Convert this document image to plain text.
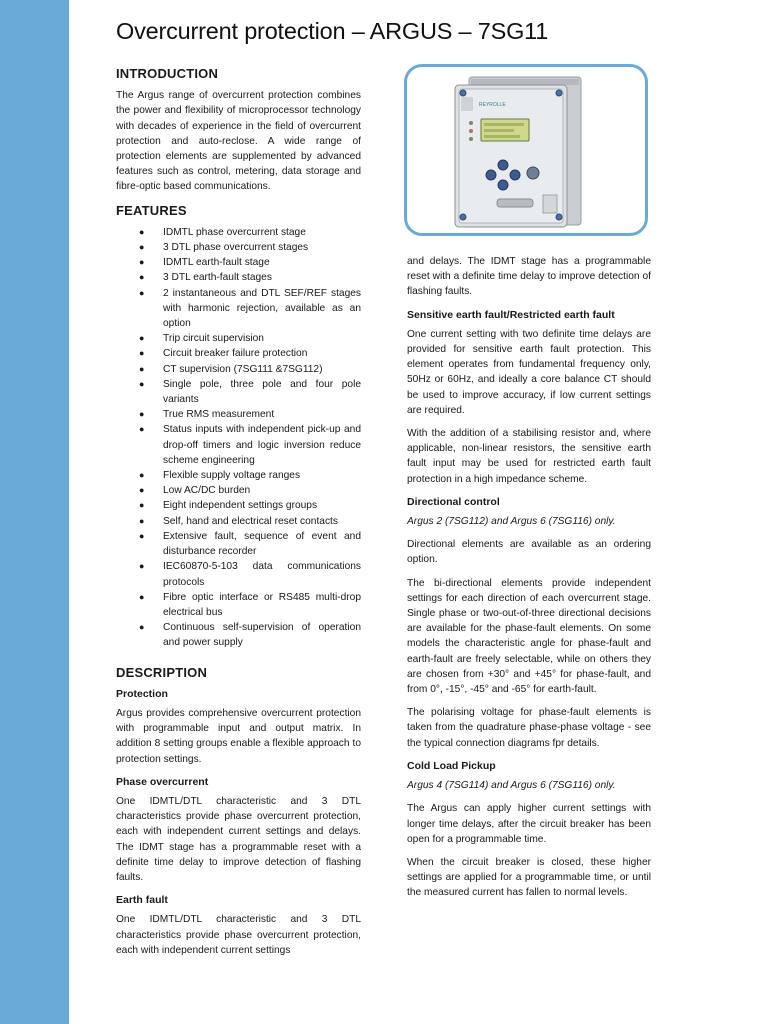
Overcurrent protection – ARGUS – 7SG11
INTRODUCTION

The Argus range of overcurrent protection combines the power and flexibility of microprocessor technology with decades of experience in the field of overcurrent protection and auto-reclose. A wide range of protection elements are supplemented by advanced features such as control, metering, data storage and fibre-optic based communications.

FEATURES
● IDMTL phase overcurrent stage
● 3 DTL phase overcurrent stages
● IDMTL earth-fault stage
● 3 DTL earth-fault stages
● 2 instantaneous and DTL SEF/REF stages with harmonic rejection, available as an option
● Trip circuit supervision
● Circuit breaker failure protection
● CT supervision (7SG111 &7SG112)
● Single pole, three pole and four pole variants
● True RMS measurement
● Status inputs with independent pick-up and drop-off timers and logic inversion reduce scheme engineering
● Flexible supply voltage ranges
● Low AC/DC burden
● Eight independent settings groups
● Self, hand and electrical reset contacts
● Extensive fault, sequence of event and disturbance recorder
● IEC60870-5-103 data communications protocols
● Fibre optic interface or RS485 multi-drop electrical bus
● Continuous self-supervision of operation and power supply
DESCRIPTION
Protection

Argus provides comprehensive overcurrent protection with programmable input and output matrix. In addition 8 setting groups enable a flexible approach to protection settings.

Phase overcurrent

One IDMTL/DTL characteristic and 3 DTL characteristics provide phase overcurrent protection, each with independent current settings and delays. The IDMT stage has a programmable reset with a definite time delay to improve detection of flashing faults.

Earth fault

One IDMTL/DTL characteristic and 3 DTL characteristics provide phase overcurrent protection, each with independent current settings

REYROLLE

and delays. The IDMT stage has a programmable reset with a definite time delay to improve detection of flashing faults.

Sensitive earth fault/Restricted earth fault

One current setting with two definite time delays are provided for sensitive earth fault protection. This element operates from fundamental frequency only, 50Hz or 60Hz, and ideally a core balance CT should be used to improve accuracy, if low current settings are required.

With the addition of a stabilising resistor and, where applicable, non-linear resistors, the sensitive earth fault input may be used for restricted earth fault protection in a high impedance scheme.

Directional control

Argus 2 (7SG112) and Argus 6 (7SG116) only.

Directional elements are available as an ordering option.

The bi-directional elements provide independent settings for each direction of each overcurrent stage. Single phase or two-out-of-three directional decisions are available for the phase-fault elements. On some models the characteristic angle for phase-fault and earth-fault are freely selectable, while on others they are chosen from +30° and +45° for phase-fault, and from 0°, -15°, -45° and -65° for earth-fault.

The polarising voltage for phase-fault elements is taken from the quadrature phase-phase voltage - see the typical connection diagrams fpr details.

Cold Load Pickup

Argus 4 (7SG114) and Argus 6 (7SG116) only.

The Argus can apply higher current settings with longer time delays, after the circuit breaker has been open for a programmable time.

When the circuit breaker is closed, these higher settings are applied for a programmable time, or until the measured current has fallen to normal levels.
